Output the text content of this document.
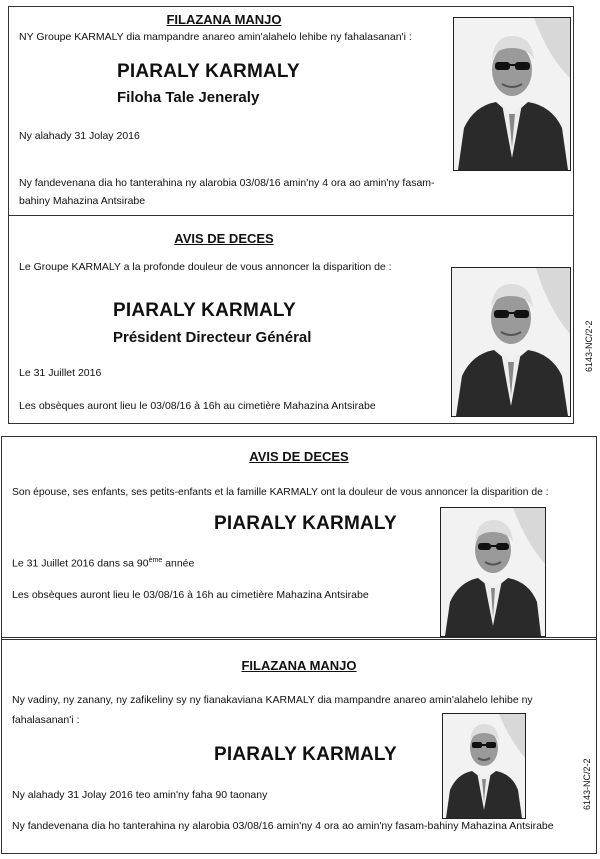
FILAZANA MANJO
NY Groupe KARMALY dia mampandre anareo amin'alahelo lehibe ny fahalasanan'i :
PIARALY KARMALY
Filoha Tale Jeneraly
Ny alahady 31 Jolay 2016
Ny fandevenana dia ho tanterahina ny alarobia 03/08/16 amin'ny 4 ora ao amin'ny fasam-bahiny Mahazina Antsirabe
AVIS DE DECES
Le Groupe KARMALY a la profonde douleur de vous annoncer la disparition de :
PIARALY KARMALY
Président Directeur Général
Le 31 Juillet 2016
Les obsèques auront lieu le 03/08/16 à 16h au cimetière Mahazina Antsirabe
6143-NC/2-2
AVIS DE DECES
Son épouse, ses enfants, ses petits-enfants et la famille KARMALY ont la douleur de vous annoncer la disparition de :
PIARALY KARMALY
Le 31 Juillet 2016 dans sa 90ème année
Les obsèques auront lieu le 03/08/16 à 16h au cimetière Mahazina Antsirabe
FILAZANA MANJO
Ny vadiny, ny zanany, ny zafikeliny sy ny fianakaviana KARMALY dia mampandre anareo amin'alahelo lehibe ny fahalasanan'i :
PIARALY KARMALY
Ny alahady 31 Jolay 2016 teo amin'ny faha 90 taonany
Ny fandevenana dia ho tanterahina ny alarobia 03/08/16 amin'ny 4 ora ao amin'ny fasam-bahiny Mahazina Antsirabe
6143-NC/2-2
